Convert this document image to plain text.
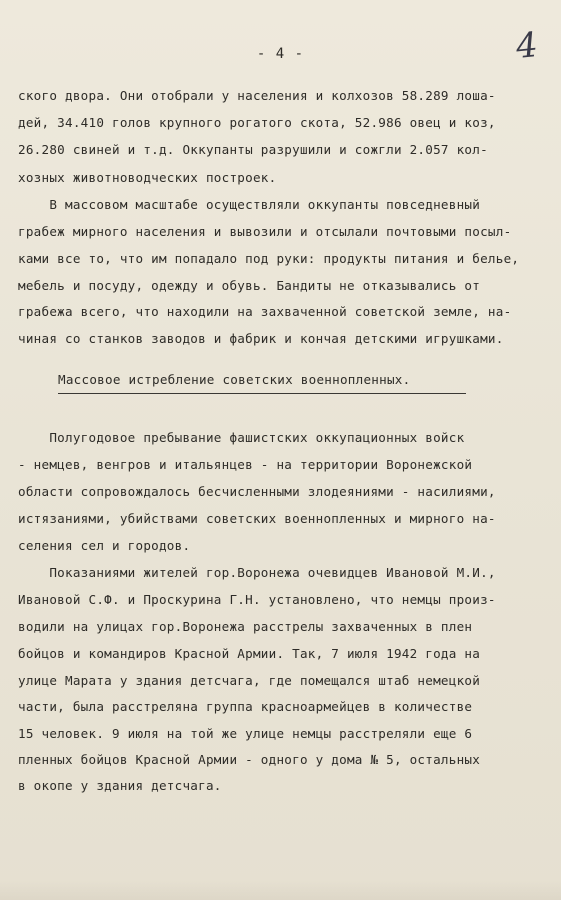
- 4 -	4
ского двора. Они отобрали у населения и колхозов 58.289 лоша-
дей, 34.410 голов крупного рогатого скота, 52.986 овец и коз,
26.280 свиней и т.д. Оккупанты разрушили и сожгли 2.057 кол-
хозных животноводческих построек.
В массовом масштабе осуществляли оккупанты повседневный
грабеж мирного населения и вывозили и отсылали почтовыми посыл-
ками все то, что им попадало под руки: продукты питания и белье,
мебель и посуду, одежду и обувь. Бандиты не отказывались от
грабежа всего, что находили на захваченной советской земле, на-
чиная со станков заводов и фабрик и кончая детскими игрушками.
Массовое истребление советских военнопленных.
Полугодовое пребывание фашистских оккупационных войск
- немцев, венгров и итальянцев - на территории Воронежской
области сопровождалось бесчисленными злодеяниями - насилиями,
истязаниями, убийствами советских военнопленных и мирного на-
селения сел и городов.
Показаниями жителей гор.Воронежа очевидцев Ивановой М.И.,
Ивановой С.Ф. и Проскурина Г.Н. установлено, что немцы произ-
водили на улицах гор.Воронежа расстрелы захваченных в плен
бойцов и командиров Красной Армии. Так, 7 июля 1942 года на
улице Марата у здания детсчага, где помещался штаб немецкой
части, была расстреляна группа красноармейцев в количестве
15 человек. 9 июля на той же улице немцы расстреляли еще 6
пленных бойцов Красной Армии - одного у дома № 5, остальных
в окопе у здания детсчага.
